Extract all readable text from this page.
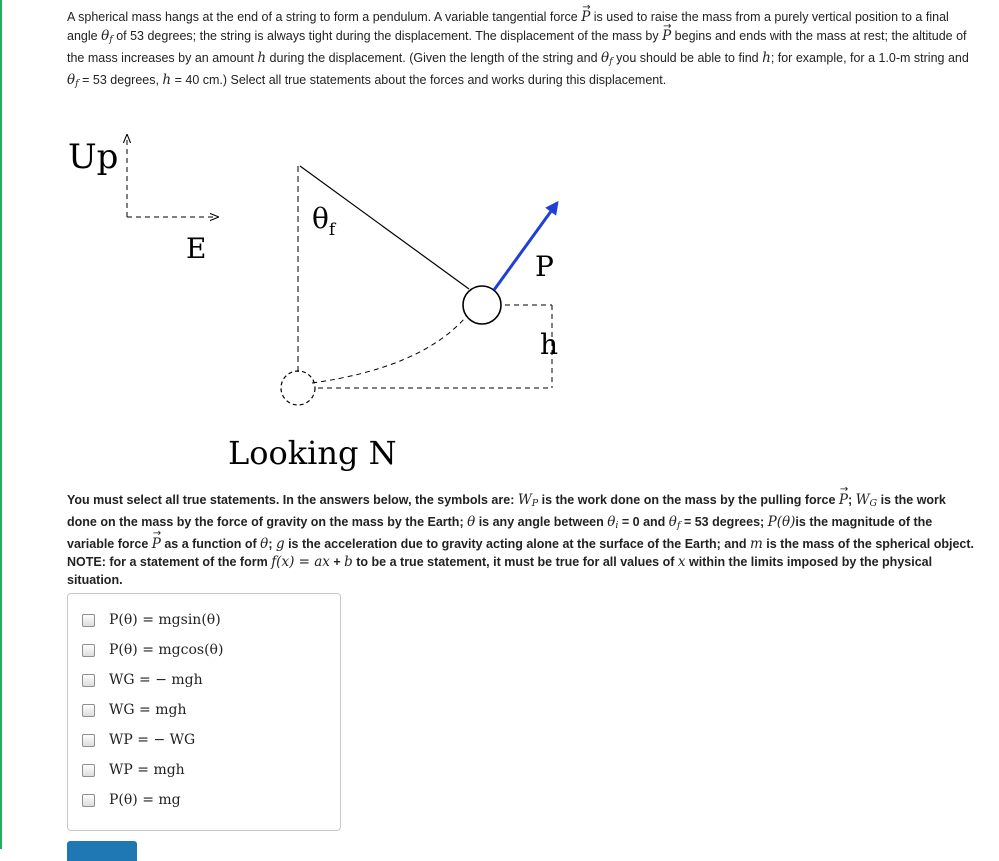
A spherical mass hangs at the end of a string to form a pendulum. A variable tangential force → P is used to raise the mass from a purely vertical position to a final angle θf of 53 degrees; the string is always tight during the displacement. The displacement of the mass by → P begins and ends with the mass at rest; the altitude of the mass increases by an amount h during the displacement. (Given the length of the string and θf you should be able to find h; for example, for a 1.0-m string and θf = 53 degrees, h = 40 cm.) Select all true statements about the forces and works during this displacement.
Up
E
$\theta_f$
h
P
Looking N
You must select all true statements. In the answers below, the symbols are: WP is the work done on the mass by the pulling force → P; WG is the work done on the mass by the force of gravity on the mass by the Earth; θ is any angle between θi = 0 and θf = 53 degrees; P(θ)is the magnitude of the variable force → P as a function of θ; g is the acceleration due to gravity acting alone at the surface of the Earth; and m is the mass of the spherical object. NOTE: for a statement of the form f(x) = ax + b to be a true statement, it must be true for all values of x within the limits imposed by the physical situation.
P(θ) = mgsin(θ)
P(θ) = mgcos(θ)
WG = − mgh
WG = mgh
WP = − WG
WP = mgh
P(θ) = mg
